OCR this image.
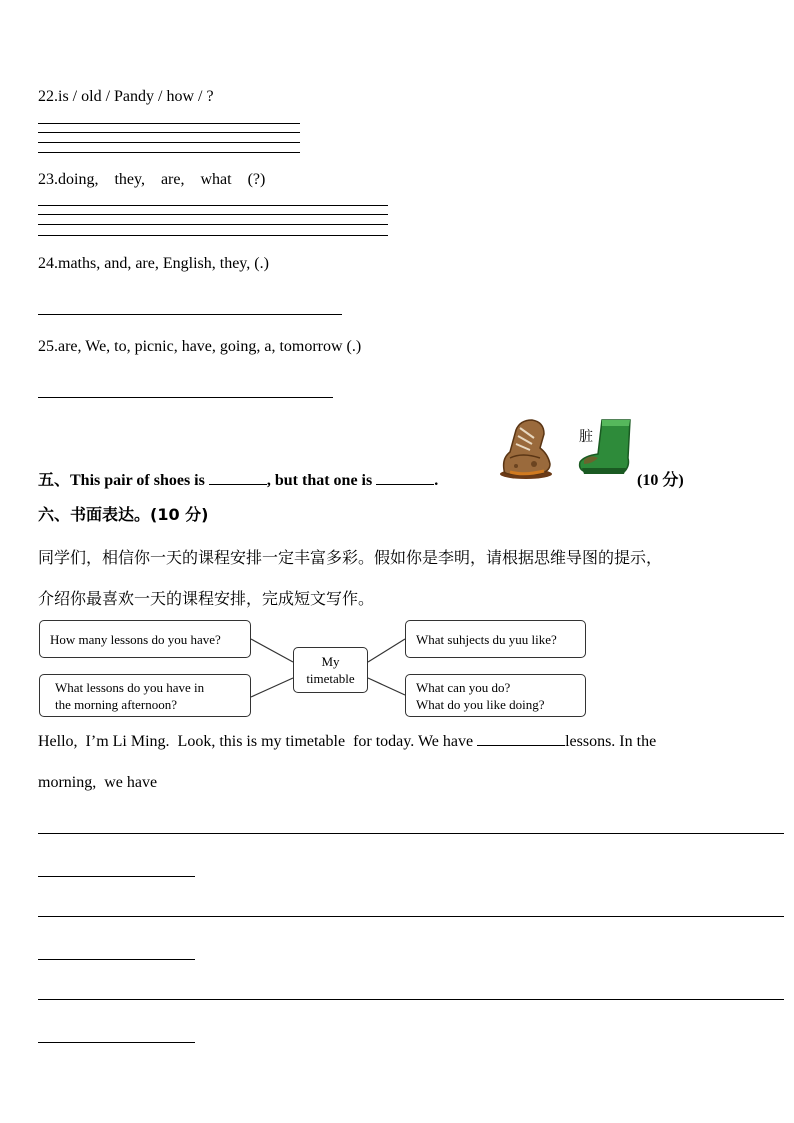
22.is / old / Pandy / how / ?
23.doing,    they,    are,    what    (?)
24.maths, and, are, English, they, (.)
25.are, We, to, picnic, have, going, a, tomorrow (.)
五、This pair of shoes is	, but that one is	.
脏
(10 分)
六、书面表达。(10 分)
同学们，相信你一天的课程安排一定丰富多彩。假如你是李明，请根据思维导图的提示，
介绍你最喜欢一天的课程安排，完成短文写作。
How many lessons do you have?
What lessons do you have in
the morning afternoon?
My
timetable
What suhjects du yuu like?
What can you do?
What do you like doing?
Hello,  I’m Li Ming.  Look, this is my timetable  for today. We have	lessons. In the
morning,  we have
